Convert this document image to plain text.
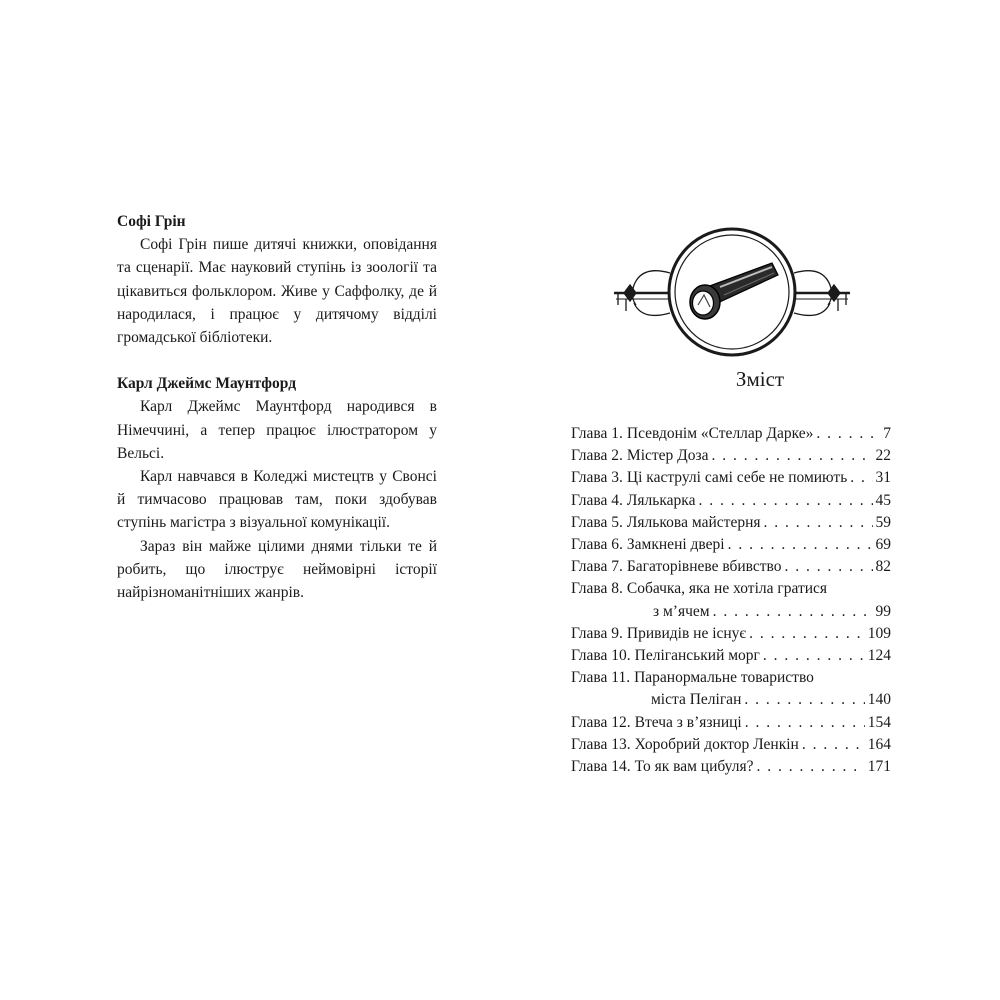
Софі Грін

Софі Грін пише дитячі книжки, оповідання та сценарії. Має науковий ступінь із зоології та цікавиться фольклором. Живе у Саффолку, де й народилася, і працює у дитячому відділі громадської бібліотеки.

Карл Джеймс Маунтфорд

Карл Джеймс Маунтфорд народився в Німеччині, а тепер працює ілюстратором у Вельсі.

Карл навчався в Коледжі мистецтв у Свонсі й тимчасово працював там, поки здобував ступінь магістра з візуальної комунікації.

Зараз він майже цілими днями тільки те й робить, що ілюструє неймовірні історії найрізноманітніших жанрів.

Зміст
Глава 1. Псевдонім «Стеллар Дарке» . . .	7
Глава 2. Містер Доза . . .	22
Глава 3. Ці каструлі самі себе не помиють . . . 31
Глава 4. Лялькарка . . .	45
Глава 5. Ляльковa майстерня . . .	59
Глава 6. Замкнені двері . . .	69
Глава 7. Багаторівневе вбивство . . .	82
Глава 8. Собачка, яка не хотіла гратися
з м’ячем . . .	99
Глава 9. Привидів не існує . . .	109
Глава 10. Пеліганський морг . . .	124
Глава 11. Паранормальне товариство
міста Пеліган . . .	140
Глава 12. Втеча з в’язниці . . .	154
Глава 13. Хоробрий доктор Ленкін . . .	164
Глава 14. То як вам цибуля? . . .	171
